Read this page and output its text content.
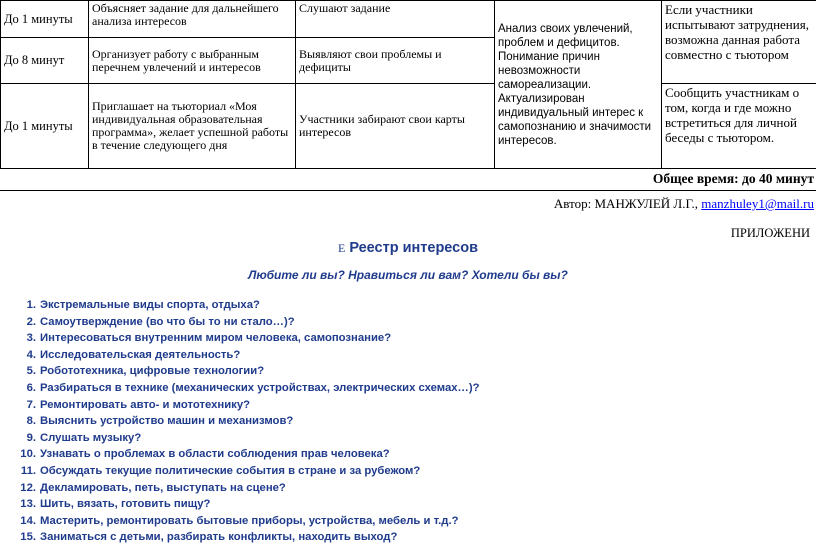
До 1 минуты	Объясняет задание для дальнейшего анализа интересов	Слушают задание	Анализ своих увлечений, проблем и дефицитов. Понимание причин невозможности самореализации. Актуализирован индивидуальный интерес к самопознанию и значимости интересов.	Если участники испытывают затруднения, возможна данная работа совместно с тьютором
До 8 минут	Организует работу с выбранным перечнем увлечений и интересов	Выявляют свои проблемы и дефициты		
До 1 минуты	Приглашает на тьюториал «Моя индивидуальная образовательная программа», желает успешной работы в течение следующего дня	Участники забирают свои карты интересов		Сообщить участникам о том, когда и где можно встретиться для личной беседы с тьютором.
Общее время: до 40 минут
Автор: МАНЖУЛЕЙ Л.Г., manzhuley1@mail.ru
ПРИЛОЖЕНИ
Е Реестр интересов
Любите ли вы? Нравиться ли вам? Хотели бы вы?
1. Экстремальные виды спорта, отдыха?
2. Самоутверждение (во что бы то ни стало…)?
3. Интересоваться внутренним миром человека, самопознание?
4. Исследовательская деятельность?
5. Робототехника, цифровые технологии?
6. Разбираться в технике (механических устройствах, электрических схемах…)?
7. Ремонтировать авто- и мототехнику?
8. Выяснить устройство машин и механизмов?
9. Слушать музыку?
10. Узнавать о проблемах в области соблюдения прав человека?
11. Обсуждать текущие политические события в стране и за рубежом?
12. Декламировать, петь, выступать на сцене?
13. Шить, вязать, готовить пищу?
14. Мастерить, ремонтировать бытовые приборы, устройства, мебель и т.д.?
15. Заниматься с детьми, разбирать конфликты, находить выход?
